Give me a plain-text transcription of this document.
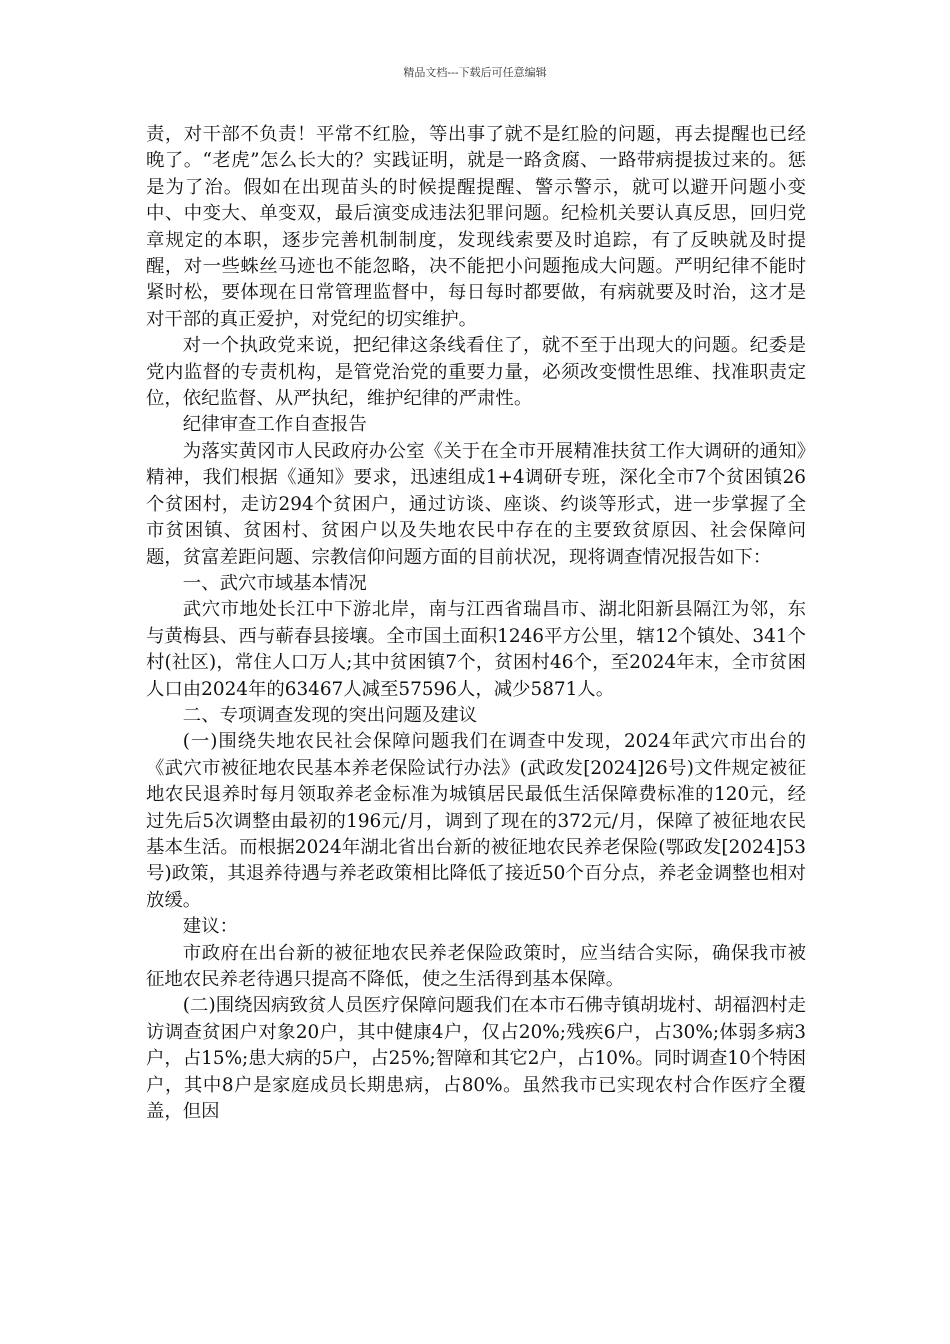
精品文档---下载后可任意编辑

责，对干部不负责！平常不红脸，等出事了就不是红脸的问题，再去提醒也已经晚了。“老虎”怎么长大的？实践证明，就是一路贪腐、一路带病提拔过来的。惩是为了治。假如在出现苗头的时候提醒提醒、警示警示，就可以避开问题小变中、中变大、单变双，最后演变成违法犯罪问题。纪检机关要认真反思，回归党章规定的本职，逐步完善机制制度，发现线索要及时追踪，有了反映就及时提醒，对一些蛛丝马迹也不能忽略，决不能把小问题拖成大问题。严明纪律不能时紧时松，要体现在日常管理监督中，每日每时都要做，有病就要及时治，这才是对干部的真正爱护，对党纪的切实维护。

对一个执政党来说，把纪律这条线看住了，就不至于出现大的问题。纪委是党内监督的专责机构，是管党治党的重要力量，必须改变惯性思维、找准职责定位，依纪监督、从严执纪，维护纪律的严肃性。

纪律审查工作自查报告

为落实黄冈市人民政府办公室《关于在全市开展精准扶贫工作大调研的通知》精神，我们根据《通知》要求，迅速组成1+4调研专班，深化全市7个贫困镇26个贫困村，走访294个贫困户，通过访谈、座谈、约谈等形式，进一步掌握了全市贫困镇、贫困村、贫困户以及失地农民中存在的主要致贫原因、社会保障问题，贫富差距问题、宗教信仰问题方面的目前状况，现将调查情况报告如下：

一、武穴市域基本情况

武穴市地处长江中下游北岸，南与江西省瑞昌市、湖北阳新县隔江为邻，东与黄梅县、西与蕲春县接壤。全市国土面积1246平方公里，辖12个镇处、341个村(社区)，常住人口万人;其中贫困镇7个，贫困村46个，至2024年末，全市贫困人口由2024年的63467人减至57596人，减少5871人。

二、专项调查发现的突出问题及建议

(一)围绕失地农民社会保障问题我们在调查中发现，2024年武穴市出台的《武穴市被征地农民基本养老保险试行办法》(武政发[2024]26号)文件规定被征地农民退养时每月领取养老金标准为城镇居民最低生活保障费标准的120元，经过先后5次调整由最初的196元/月，调到了现在的372元/月，保障了被征地农民基本生活。而根据2024年湖北省出台新的被征地农民养老保险(鄂政发[2024]53号)政策，其退养待遇与养老政策相比降低了接近50个百分点，养老金调整也相对放缓。

建议：

市政府在出台新的被征地农民养老保险政策时，应当结合实际，确保我市被征地农民养老待遇只提高不降低，使之生活得到基本保障。

(二)围绕因病致贫人员医疗保障问题我们在本市石佛寺镇胡垅村、胡福泗村走访调查贫困户对象20户，其中健康4户，仅占20%;残疾6户，占30%;体弱多病3户，占15%;患大病的5户，占25%;智障和其它2户，占10%。同时调查10个特困户，其中8户是家庭成员长期患病，占80%。虽然我市已实现农村合作医疗全覆盖，但因
